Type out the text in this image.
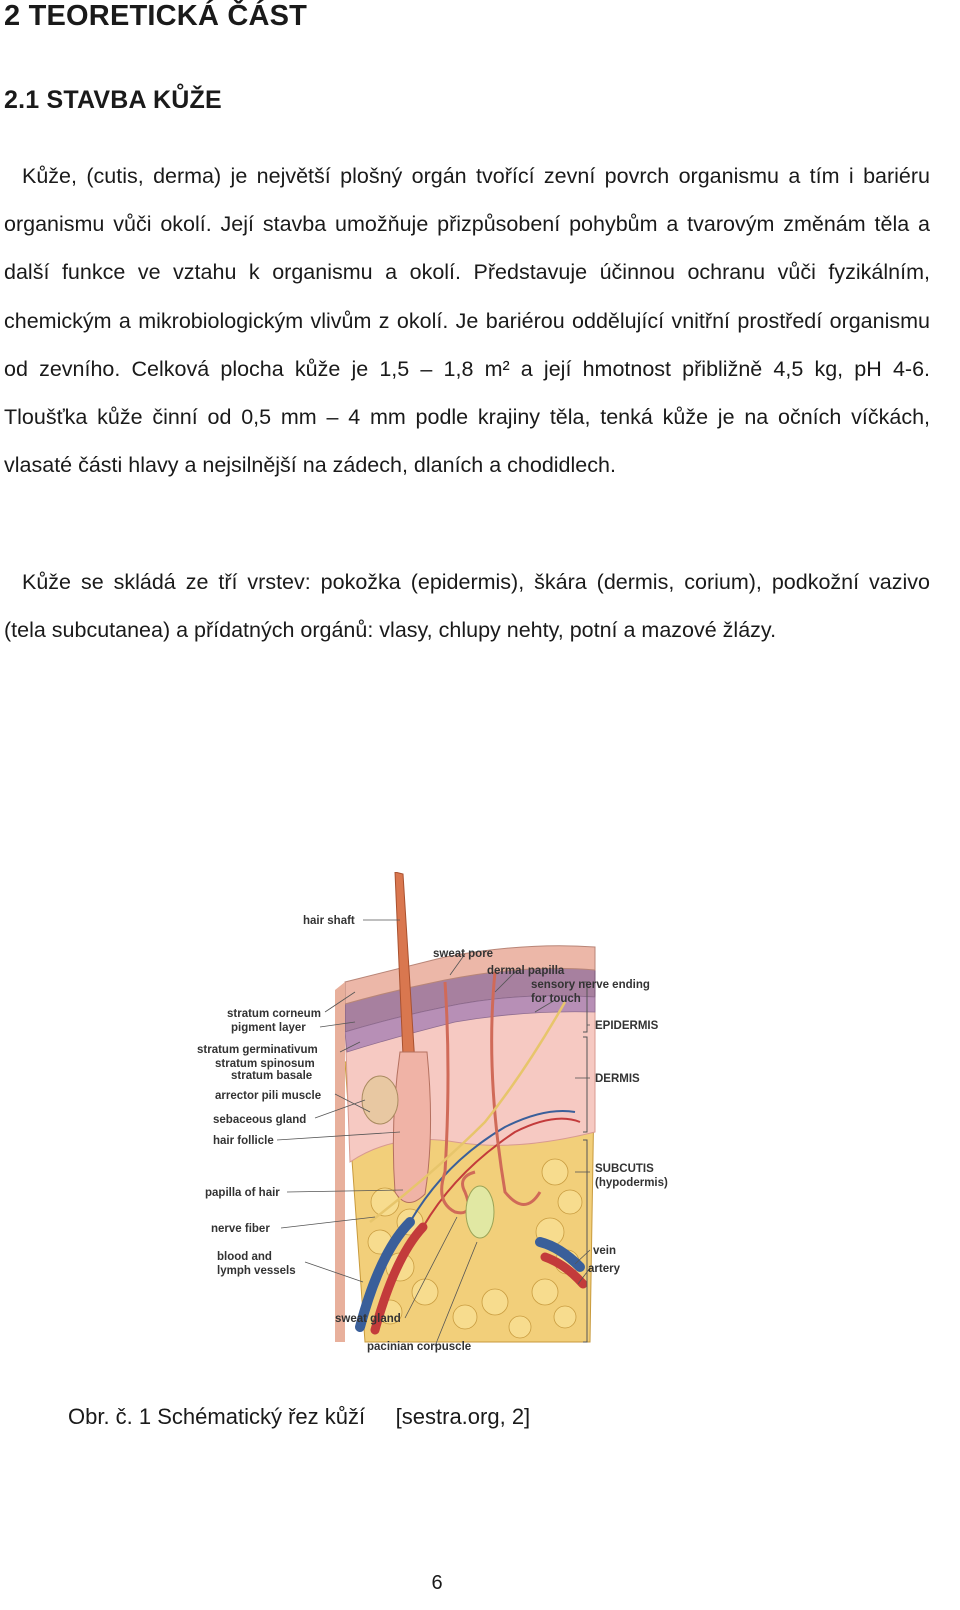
2 TEORETICKÁ ČÁST
2.1 STAVBA KŮŽE

Kůže, (cutis, derma) je největší plošný orgán tvořící zevní povrch organismu a tím i bariéru organismu vůči okolí. Její stavba umožňuje přizpůsobení pohybům a tvarovým změnám těla a další funkce ve vztahu k organismu a okolí. Představuje účinnou ochranu vůči fyzikálním, chemickým a mikrobiologickým vlivům z okolí. Je bariérou oddělující vnitřní prostředí organismu od zevního. Celková plocha kůže je 1,5 – 1,8 m² a její hmotnost přibližně 4,5 kg, pH 4-6. Tloušťka kůže činní od 0,5 mm – 4 mm podle krajiny těla, tenká kůže je na očních víčkách, vlasaté části hlavy a nejsilnější na zádech, dlaních a chodidlech.

Kůže se skládá ze tří vrstev: pokožka (epidermis), škára (dermis, corium), podkožní vazivo (tela subcutanea) a přídatných orgánů: vlasy, chlupy nehty, potní a mazové žlázy.

hair shaft
sweat pore
dermal papilla
sensory nerve ending
for touch
stratum corneum
pigment layer
stratum germinativum
stratum spinosum
stratum basale
arrector pili muscle
sebaceous gland
hair follicle
papilla of hair
nerve fiber
blood and
lymph vessels
sweat gland
pacinian corpuscle
EPIDERMIS
DERMIS
SUBCUTIS
(hypodermis)
vein
artery

Obr. č. 1 Schématický řez kůží     [sestra.org, 2]

6
